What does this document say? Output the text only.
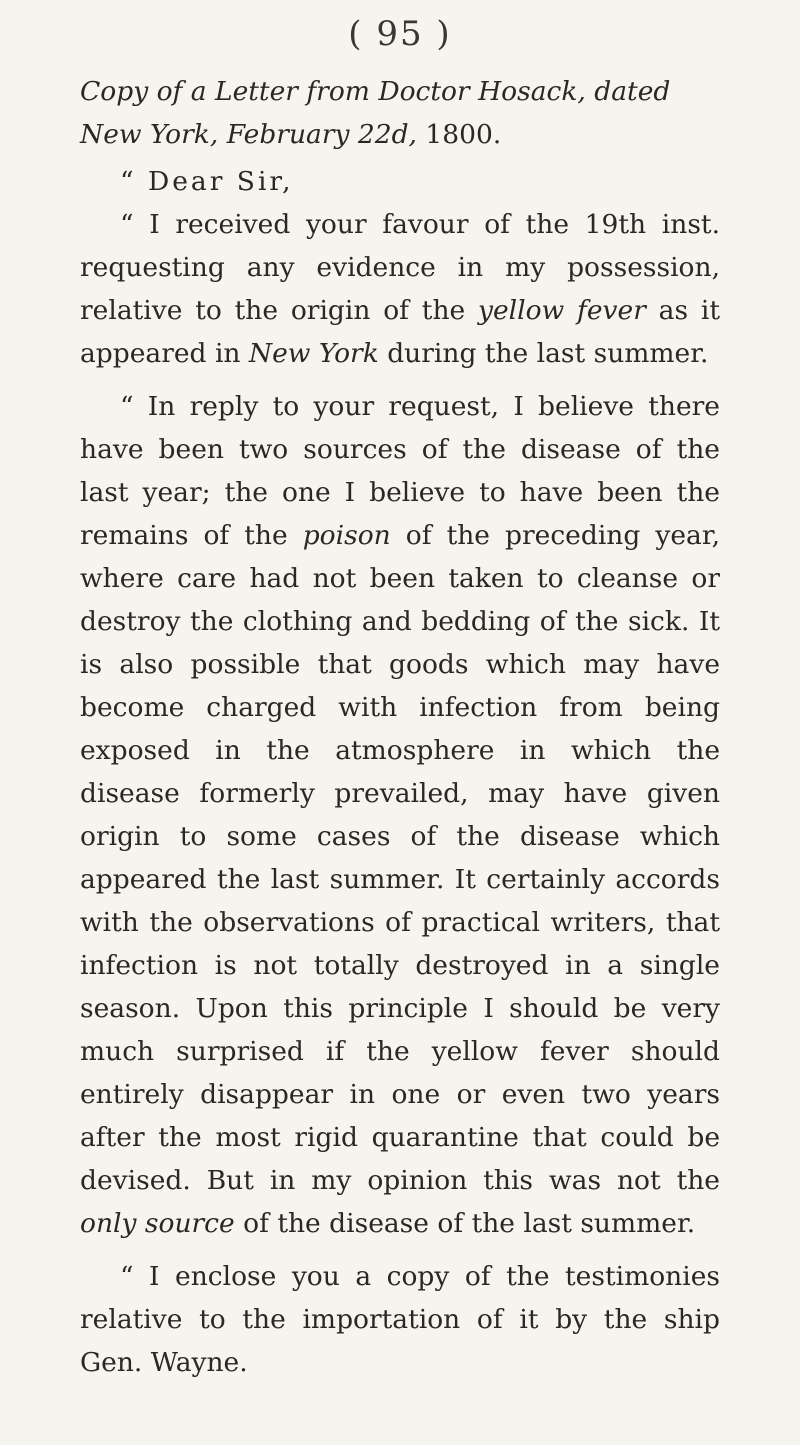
( 95 )

Copy of a Letter from Doctor Hosack, dated New York, February 22d, 1800.

“ Dear Sir,

“ I received your favour of the 19th inst. requesting any evidence in my possession, relative to the origin of the yellow fever as it appeared in New York during the last summer.

“ In reply to your request, I believe there have been two sources of the disease of the last year; the one I believe to have been the remains of the poison of the preceding year, where care had not been taken to cleanse or destroy the clothing and bedding of the sick. It is also possible that goods which may have become charged with infection from being exposed in the atmosphere in which the disease formerly prevailed, may have given origin to some cases of the disease which appeared the last summer. It certainly accords with the observations of practical writers, that infection is not totally destroyed in a single season. Upon this principle I should be very much surprised if the yellow fever should entirely disappear in one or even two years after the most rigid quarantine that could be devised. But in my opinion this was not the only source of the disease of the last summer.

“ I enclose you a copy of the testimonies relative to the importation of it by the ship Gen. Wayne.
